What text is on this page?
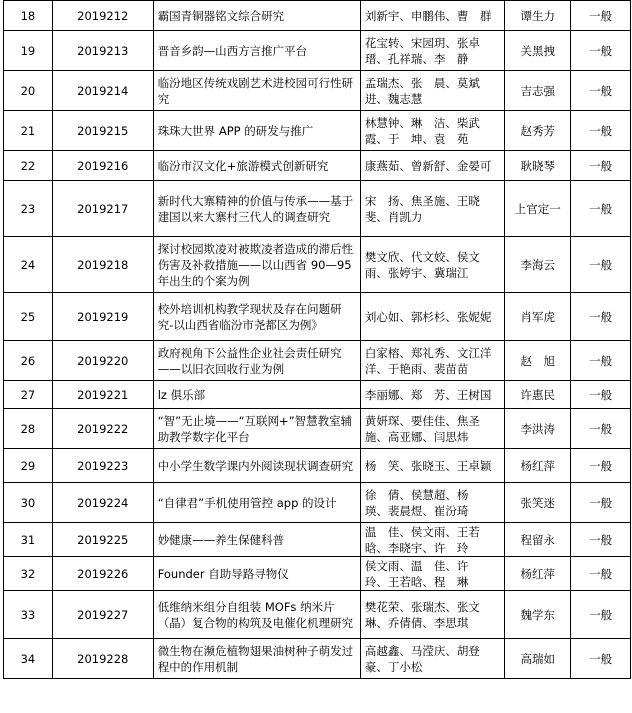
18	2019212	霸国青铜器铭文综合研究	刘新宇、申鹏伟、曹　群	谭生力	一般

19	2019213	晋音乡韵—山西方言推广平台	花宝转、宋园玥、张卓瑨、孔祥瑞、李　静	关黑拽	一般

20	2019214	临汾地区传统戏剧艺术进校园可行性研究	孟瑞杰、张　晨、莫斌进、魏志慧	吉志强	一般

21	2019215	珠珠大世界 APP 的研发与推广	林慧钟、琳　洁、柴武霞、于　坤、袁　苑	赵秀芳	一般

22	2019216	临汾市汉文化+旅游模式创新研究	康燕茹、曾新舒、金晏可	耿晓琴	一般

23	2019217	新时代大寨精神的价值与传承——基于建国以来大寨村三代人的调查研究	宋　扬、焦圣施、王晓斐、肖凯力	上官定一	一般

24	2019218	探讨校园欺凌对被欺凌者造成的滞后性伤害及补救措施——以山西省 90—95 年出生的个案为例	樊文欣、代文姣、侯文雨、张婷宇、冀瑞江	李海云	一般

25	2019219	校外培训机构教学现状及存在问题研究-以山西省临汾市尧都区为例》	刘心如、郭杉杉、张妮妮	肖军虎	一般

26	2019220	政府视角下公益性企业社会责任研究——以旧衣回收行业为例	白家榕、郑礼秀、文江洋洋、于艳雨、裴苗苗	赵　旭	一般

27	2019221	lz 俱乐部	李丽娜、郑　芳、王树国	许惠民	一般

28	2019222	“智”无止境——“互联网+”智慧教室辅助教学数字化平台	黄妍琛、要佳佳、焦圣施、高亚娜、闫思炜	李洪涛	一般

29	2019223	中小学生数学课内外阅读现状调查研究	杨　笑、张晓玉、王卓颖	杨红萍	一般

30	2019224	“自律君”手机使用管控 app 的设计	徐　倩、侯慧超、杨　瑛、裴晨煜、崔汾琦	张笑迷	一般

31	2019225	妙健康——养生保健科普	温　佳、侯文雨、王若晗、李晓宇、许　玲	程留永	一般

32	2019226	Founder 自助导路寻物仪	侯文雨、温　佳、许　玲、王若晗、程　琳	杨红萍	一般

33	2019227	低维纳米组分自组装 MOFs 纳米片（晶）复合物的构筑及电催化机理研究	樊花荣、张瑞杰、张文琳、乔倩倩、李思琪	魏学东	一般

34	2019228	微生物在濒危植物翅果油树种子萌发过程中的作用机制	高越鑫、马滢庆、胡登豪、丁小松	高瑞如	一般
